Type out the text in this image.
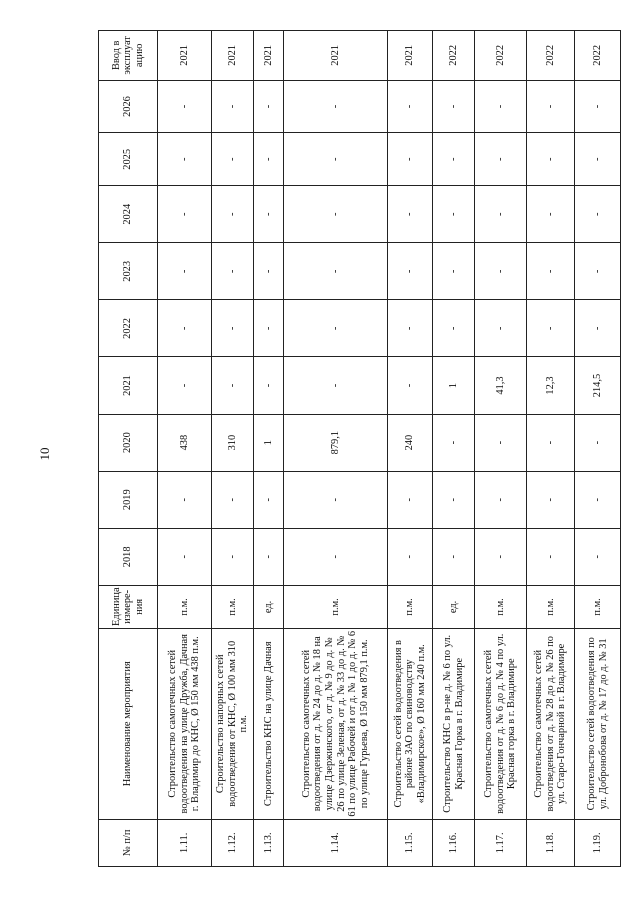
10
№ п/п	Наименование мероприятия	Единица измере-ния	2018	2019	2020	2021	2022	2023	2024	2025	2026	Ввод в эксплуат ацию
1.11.	Строительство самотечных сетей водоотведения на улице Дружба, Дачная г. Владимир до КНС, Ø 150 мм 438 п.м.	п.м.	-	-	438	-	-	-	-	-	-	2021
1.12.	Строительство напорных сетей водоотведения от КНС, Ø 100 мм 310 п.м.	п.м.	-	-	310	-	-	-	-	-	-	2021
1.13.	Строительство КНС на улице Дачная	ед.	-	-	1	-	-	-	-	-	-	2021
1.14.	Строительство самотечных сетей водоотведения от д. № 24 до д. № 18 на улице Дзержинского, от д. № 9 до д. № 26 по улице Зеленая, от д. № 33 до д. № 61 по улице Рабочей и от д. № 1 до д. № 6 по улице Гурьева, Ø 150 мм 879,1 п.м.	п.м.	-	-	879,1	-	-	-	-	-	-	2021
1.15.	Строительство сетей водоотведения в районе ЗАО по свиноводству «Владимирское», Ø 160 мм 240 п.м.	п.м.	-	-	240	-	-	-	-	-	-	2021
1.16.	Строительство КНС в р-не д. № 6 по ул. Красная Горка в г. Владимире	ед.	-	-	-	1	-	-	-	-	-	2022
1.17.	Строительство самотечных сетей водоотведения от д. № 6 до д. № 4 по ул. Красная горка в г. Владимире	п.м.	-	-	-	41,3	-	-	-	-	-	2022
1.18.	Строительство самотечных сетей водоотведения от д. № 28 до д. № 26 по ул. Старо-Гончарной в г. Владимире	п.м.	-	-	-	12,3	-	-	-	-	-	2022
1.19.	Строительство сетей водоотведения по ул. Добронобова от д. № 17 до д. № 31	п.м.	-	-	-	214,5	-	-	-	-	-	2022
